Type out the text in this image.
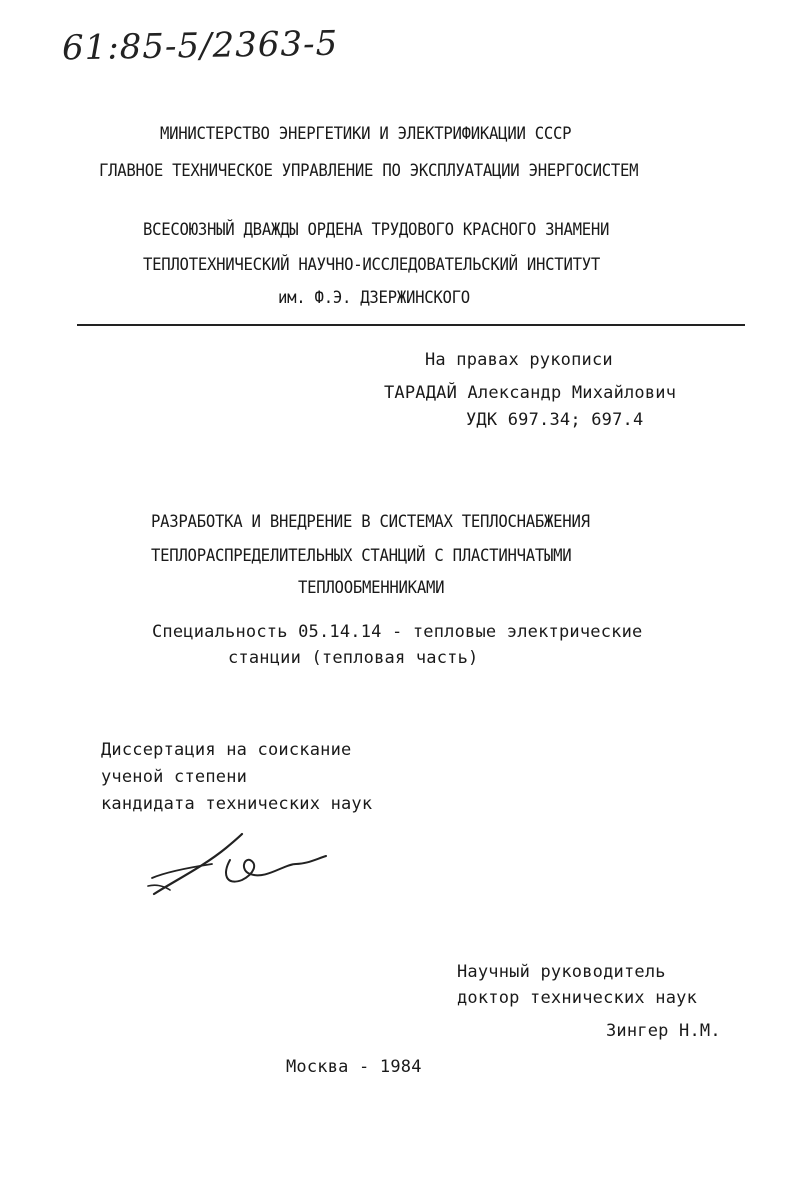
61:85-5/2363-5
МИНИСТЕРСТВО ЭНЕРГЕТИКИ И ЭЛЕКТРИФИКАЦИИ СССР
ГЛАВНОЕ ТЕХНИЧЕСКОЕ УПРАВЛЕНИЕ ПО ЭКСПЛУАТАЦИИ ЭНЕРГОСИСТЕМ
ВСЕСОЮЗНЫЙ ДВАЖДЫ ОРДЕНА ТРУДОВОГО КРАСНОГО ЗНАМЕНИ
ТЕПЛОТЕХНИЧЕСКИЙ НАУЧНО-ИССЛЕДОВАТЕЛЬСКИЙ ИНСТИТУТ
им. Ф.Э. ДЗЕРЖИНСКОГО
На правах рукописи
ТАРАДАЙ Александр Михайлович
УДК 697.34; 697.4
РАЗРАБОТКА И ВНЕДРЕНИЕ В СИСТЕМАХ ТЕПЛОСНАБЖЕНИЯ
ТЕПЛОРАСПРЕДЕЛИТЕЛЬНЫХ СТАНЦИЙ С ПЛАСТИНЧАТЫМИ
ТЕПЛООБМЕННИКАМИ
Специальность 05.14.14 - тепловые электрические
станции (тепловая часть)
Диссертация на соискание
ученой степени
кандидата технических наук
Научный руководитель
доктор технических наук
Зингер Н.М.
Москва - 1984
